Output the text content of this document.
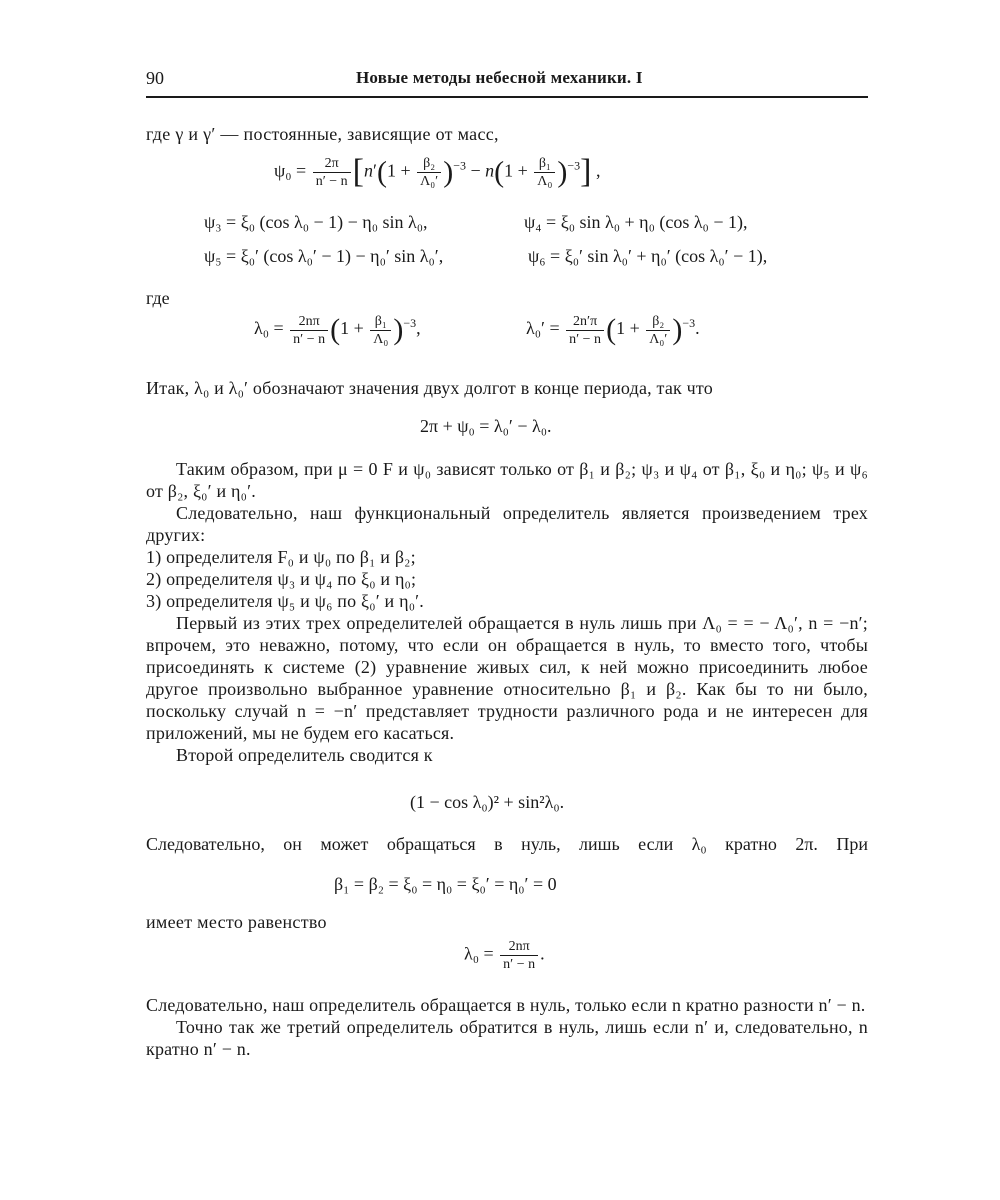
90	Новые методы небесной механики. I
где γ и γ′ — постоянные, зависящие от масс,
$\psi_0 = \frac{2\pi}{n' - n} [n'(1 + \frac{\text{β₂}}{\text{Λ₀′}} )^{-3} - n(1 + \frac{\text{β₁}}{\text{Λ₀}} )^{-3}]$ ,
ψ₃ = ξ₀ (cos λ₀ − 1) − η₀ sin λ₀,	ψ₄ = ξ₀ sin λ₀ + η₀ (cos λ₀ − 1),
ψ₅ = ξ₀′ (cos λ₀′ − 1) − η₀′ sin λ₀′,	ψ₆ = ξ₀′ sin λ₀′ + η₀′ (cos λ₀′ − 1),
где
$\lambda_0 = \frac{2n\pi}{n' - n} (1 + \frac{\text{β₁}}{\text{Λ₀}} )^{-3}$,	$\lambda_0' = \frac{2n'\pi}{n' - n} (1 + \frac{\text{β₂}}{\text{Λ₀′}} )^{-3}$.
Итак, λ₀ и λ₀′ обозначают значения двух долгот в конце периода, так что
2π + ψ₀ = λ₀′ − λ₀.

Таким образом, при μ = 0 F и ψ₀ зависят только от β₁ и β₂; ψ₃ и ψ₄ от β₁, ξ₀ и η₀; ψ₅ и ψ₆ от β₂, ξ₀′ и η₀′.

Следовательно, наш функциональный определитель является произведением трех других:

1) определителя F₀ и ψ₀ по β₁ и β₂;

2) определителя ψ₃ и ψ₄ по ξ₀ и η₀;

3) определителя ψ₅ и ψ₆ по ξ₀′ и η₀′.

Первый из этих трех определителей обращается в нуль лишь при Λ₀ = = − Λ₀′, n = −n′; впрочем, это неважно, потому, что если он обращается в нуль, то вместо того, чтобы присоединять к системе (2) уравнение живых сил, к ней можно присоединить любое другое произвольно выбранное уравнение относительно β₁ и β₂. Как бы то ни было, поскольку случай n = −n′ представляет трудности различного рода и не интересен для приложений, мы не будем его касаться.

Второй определитель сводится к

(1 − cos λ₀)² + sin²λ₀.
Следовательно, он может обращаться в нуль, лишь если λ₀ кратно 2π. При
β₁ = β₂ = ξ₀ = η₀ = ξ₀′ = η₀′ = 0
имеет место равенство
$\lambda_0 = \frac{2n\pi}{n' - n}$ .

Следовательно, наш определитель обращается в нуль, только если n кратно разности n′ − n.

Точно так же третий определитель обратится в нуль, лишь если n′ и, следовательно, n кратно n′ − n.
